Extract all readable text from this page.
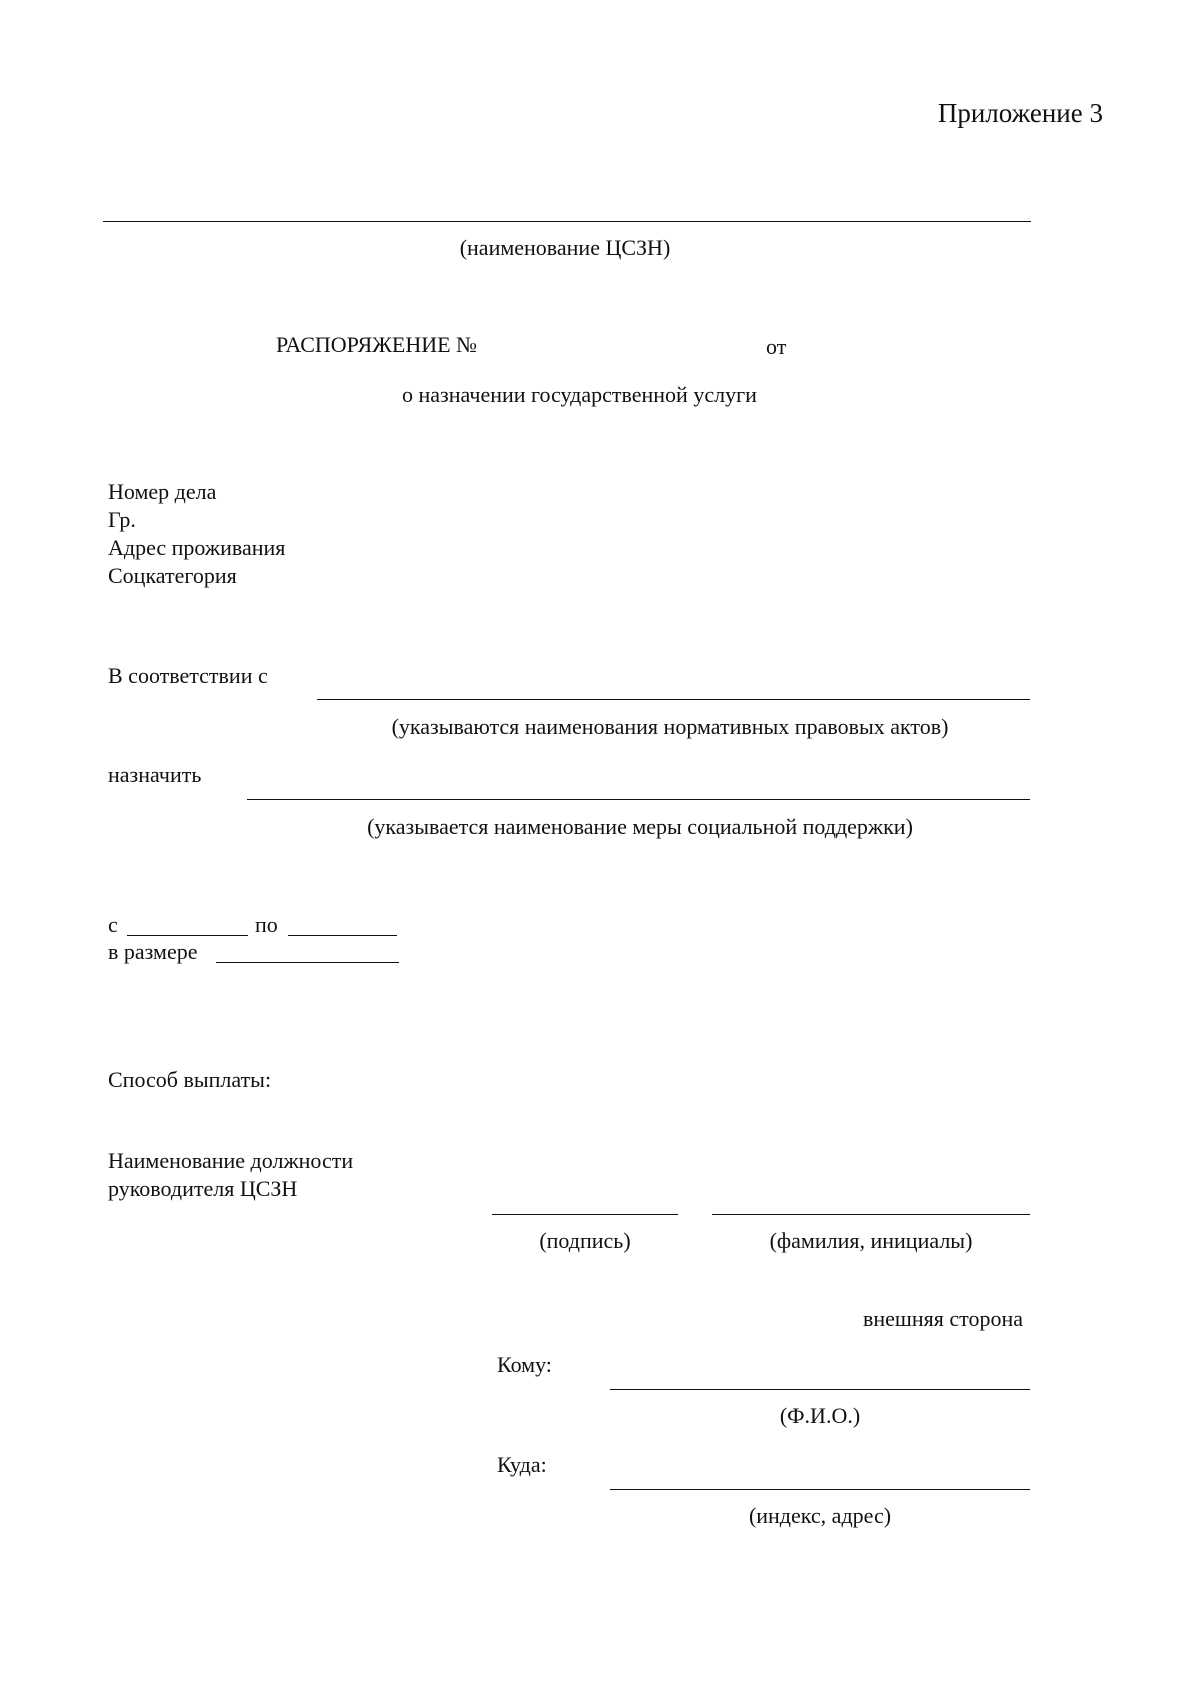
Приложение 3
(наименование ЦСЗН)
РАСПОРЯЖЕНИЕ №	от
о назначении государственной услуги
Номер дела
Гр.
Адрес проживания
Соцкатегория
В соответствии с
(указываются наименования нормативных правовых актов)
назначить
(указывается наименование меры социальной поддержки)
с	по
в размере
Способ выплаты:
Наименование должности
руководителя ЦСЗН
(подпись)	(фамилия, инициалы)
внешняя сторона
Кому:
(Ф.И.О.)
Куда:
(индекс, адрес)
